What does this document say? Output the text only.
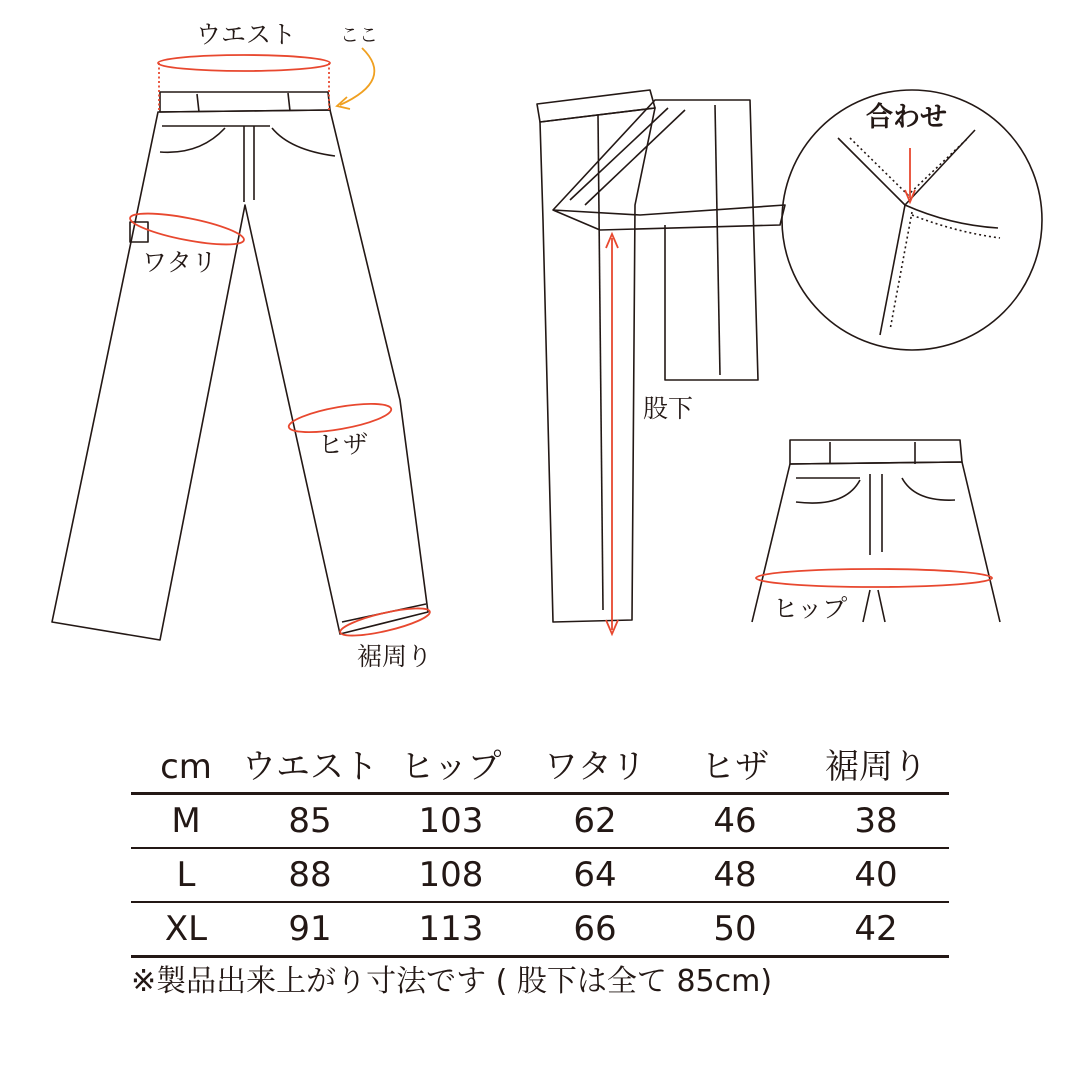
ウエスト ここ
ワタリ
ヒザ
裾周り
股下
合わせ
ヒップ
cm	ウエスト	ヒップ	ワタリ	ヒザ	裾周り
M	85	103	62	46	38
L	88	108	64	48	40
XL	91	113	66	50	42
※製品出来上がり寸法です ( 股下は全て 85cm)
